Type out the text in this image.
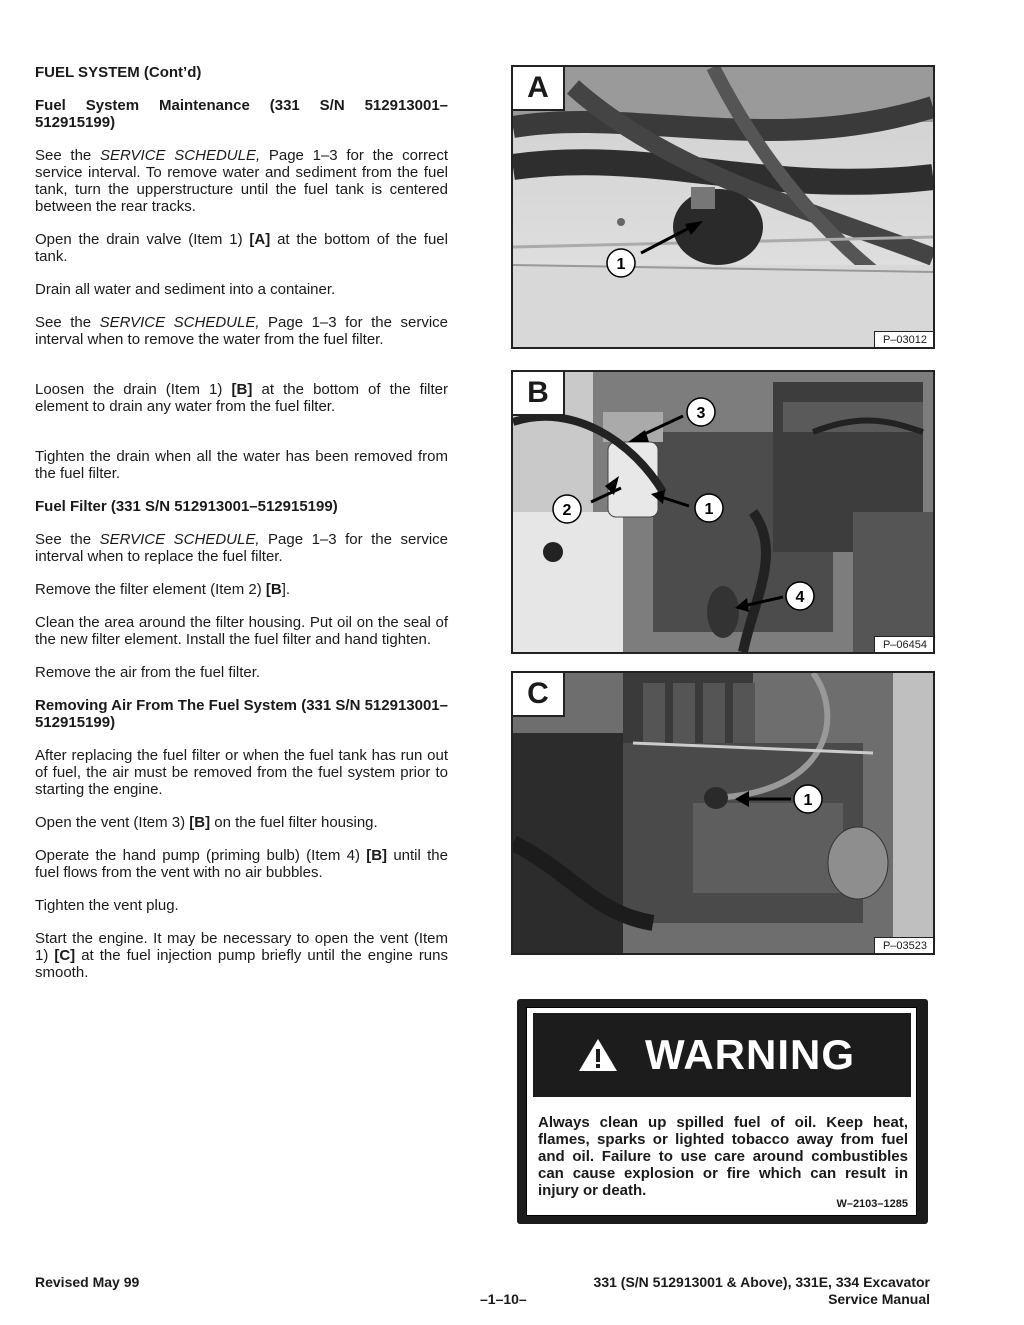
FUEL SYSTEM (Cont’d)
Fuel System Maintenance (331 S/N 512913001–512915199)

See the SERVICE SCHEDULE, Page 1–3 for the correct service interval. To remove water and sediment from the fuel tank, turn the upperstructure until the fuel tank is centered between the rear tracks.

Open the drain valve (Item 1) [A] at the bottom of the fuel tank.

Drain all water and sediment into a container.

See the SERVICE SCHEDULE, Page 1–3 for the service interval when to remove the water from the fuel filter.

Loosen the drain (Item 1) [B] at the bottom of the filter element to drain any water from the fuel filter.

Tighten the drain when all the water has been removed from the fuel filter.

Fuel Filter (331 S/N 512913001–512915199)

See the SERVICE SCHEDULE, Page 1–3 for the service interval when to replace the fuel filter.

Remove the filter element (Item 2) [B].

Clean the area around the filter housing. Put oil on the seal of the new filter element. Install the fuel filter and hand tighten.

Remove the air from the fuel filter.

Removing Air From The Fuel System (331 S/N 512913001–512915199)

After replacing the fuel filter or when the fuel tank has run out of fuel, the air must be removed from the fuel system prior to starting the engine.

Open the vent (Item 3) [B] on the fuel filter housing.

Operate the hand pump (priming bulb) (Item 4) [B] until the fuel flows from the vent with no air bubbles.

Tighten the vent plug.

Start the engine. It may be necessary to open the vent (Item 1) [C] at the fuel injection pump briefly until the engine runs smooth.

1
A
P–03012
3
2	1
4
B
P–06454
1
C
P–03523
WARNING
Always clean up spilled fuel of oil. Keep heat, flames, sparks or lighted tobacco away from fuel and oil. Failure to use care around combustibles can cause explosion or fire which can result in injury or death.
W–2103–1285
Revised May 99
–1–10–
331 (S/N 512913001 & Above), 331E, 334 Excavator
Service Manual
